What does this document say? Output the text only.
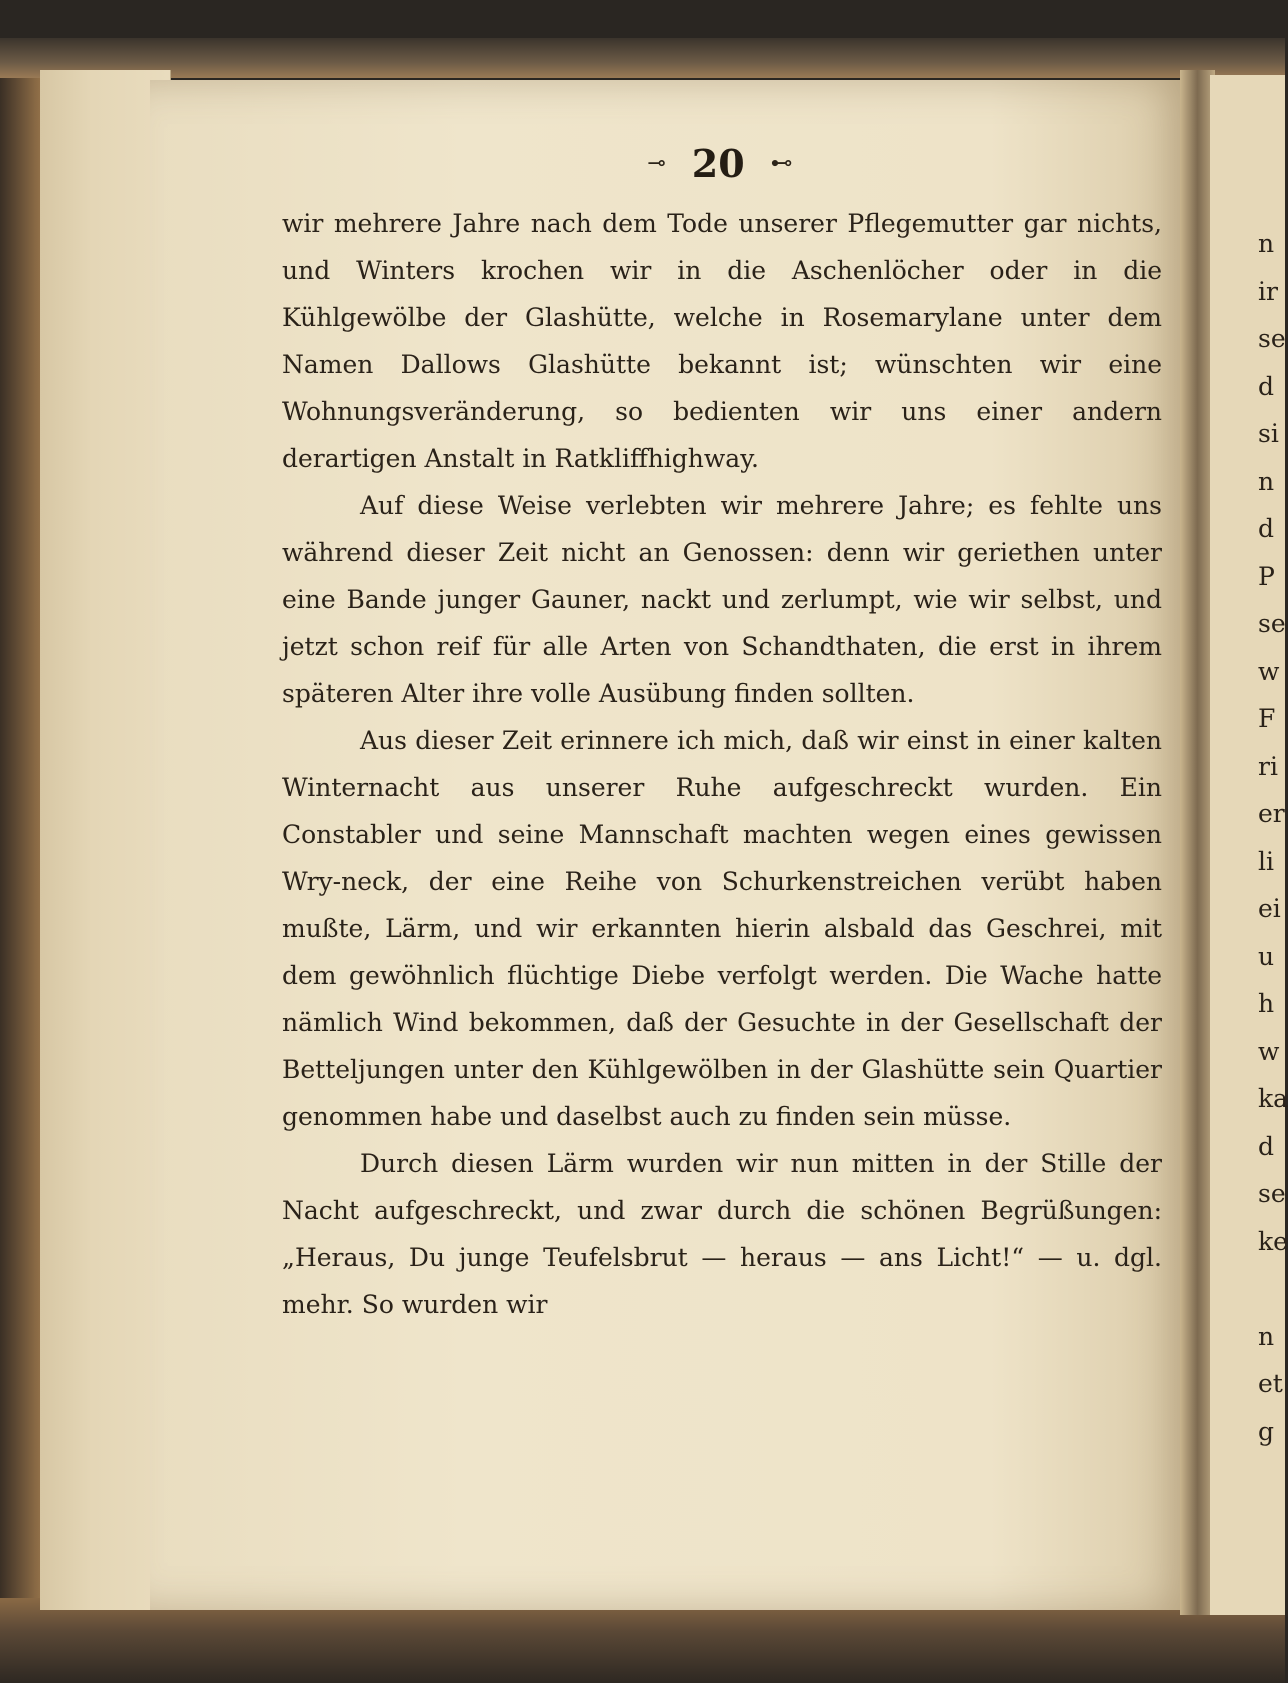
⊸ 20 ⊷

wir mehrere Jahre nach dem Tode unserer Pflegemutter gar nichts, und Winters krochen wir in die Aschenlöcher oder in die Kühlgewölbe der Glashütte, welche in Rosemarylane unter dem Namen Dallows Glashütte bekannt ist; wünschten wir eine Wohnungsveränderung, so bedienten wir uns einer andern derartigen Anstalt in Ratkliffhighway.

Auf diese Weise verlebten wir mehrere Jahre; es fehlte uns während dieser Zeit nicht an Genossen: denn wir geriethen unter eine Bande junger Gauner, nackt und zerlumpt, wie wir selbst, und jetzt schon reif für alle Arten von Schandthaten, die erst in ihrem späteren Alter ihre volle Ausübung finden sollten.

Aus dieser Zeit erinnere ich mich, daß wir einst in einer kalten Winternacht aus unserer Ruhe aufgeschreckt wurden. Ein Constabler und seine Mannschaft machten wegen eines gewissen Wry-neck, der eine Reihe von Schurkenstreichen verübt haben mußte, Lärm, und wir erkannten hierin alsbald das Geschrei, mit dem gewöhnlich flüchtige Diebe verfolgt werden. Die Wache hatte nämlich Wind bekommen, daß der Gesuchte in der Gesellschaft der Betteljungen unter den Kühlgewölben in der Glashütte sein Quartier genommen habe und daselbst auch zu finden sein müsse.

Durch diesen Lärm wurden wir nun mitten in der Stille der Nacht aufgeschreckt, und zwar durch die schönen Begrüßungen: „Heraus, Du junge Teufelsbrut — heraus — ans Licht!“ — u. dgl. mehr. So wurden wir

n
ir
se
d
si
n
d
P
se
w
F
ri
er
li
ei
u
h
w
ka
d
se
ke

n
et
g
